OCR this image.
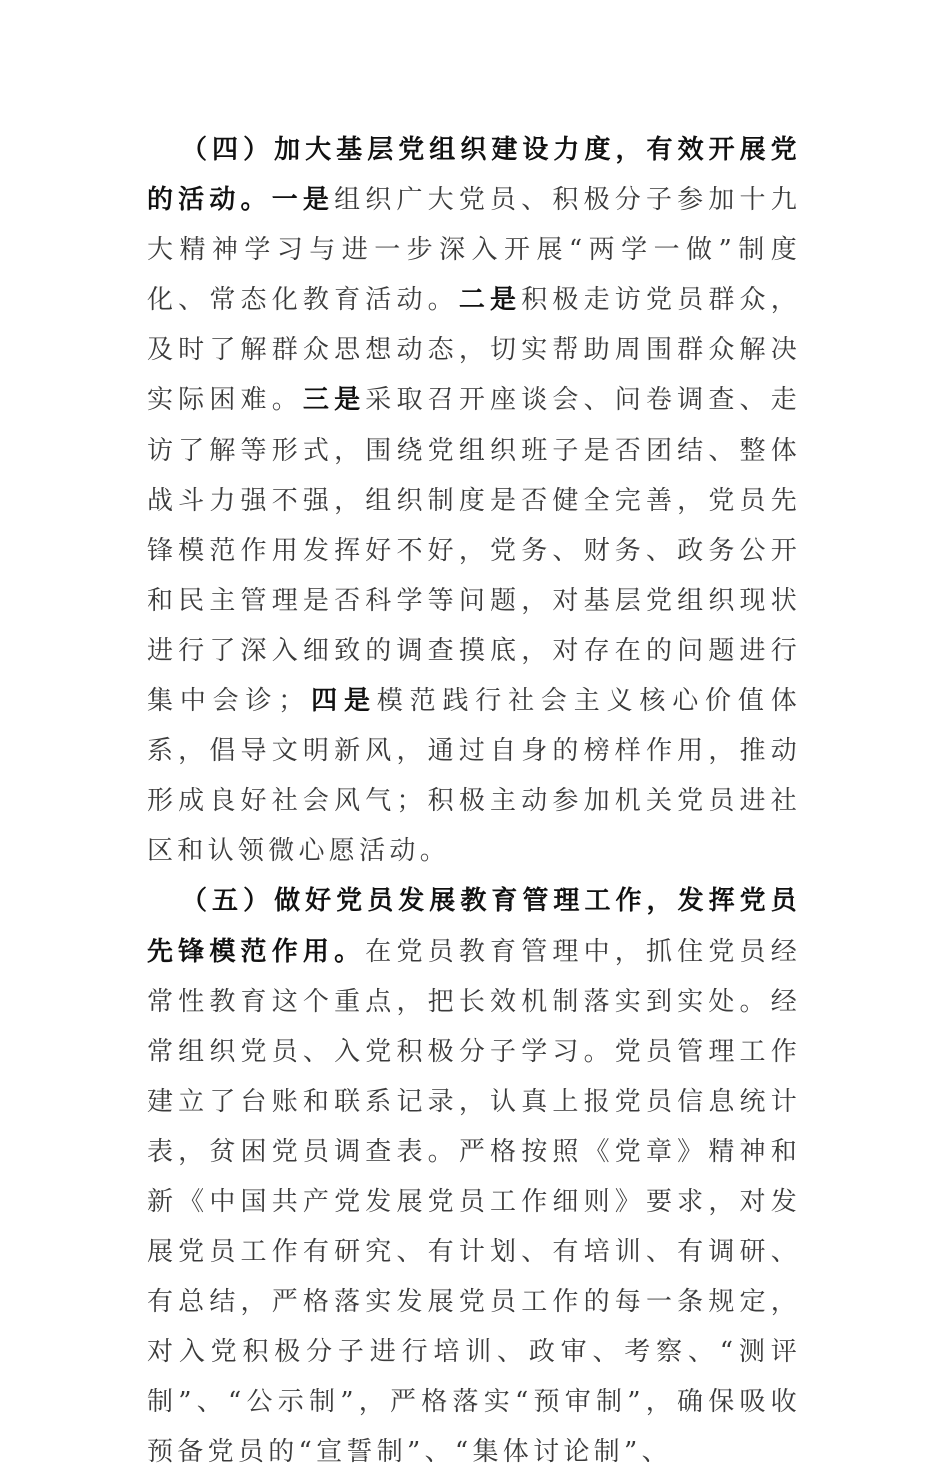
（四）加大基层党组织建设力度，有效开展党的活动。一是组织广大党员、积极分子参加十九大精神学习与进一步深入开展“两学一做”制度化、常态化教育活动。二是积极走访党员群众，及时了解群众思想动态，切实帮助周围群众解决实际困难。三是采取召开座谈会、问卷调查、走访了解等形式，围绕党组织班子是否团结、整体战斗力强不强，组织制度是否健全完善，党员先锋模范作用发挥好不好，党务、财务、政务公开和民主管理是否科学等问题，对基层党组织现状进行了深入细致的调查摸底，对存在的问题进行集中会诊；四是模范践行社会主义核心价值体系，倡导文明新风，通过自身的榜样作用，推动形成良好社会风气；积极主动参加机关党员进社区和认领微心愿活动。

（五）做好党员发展教育管理工作，发挥党员先锋模范作用。在党员教育管理中，抓住党员经常性教育这个重点，把长效机制落实到实处。经常组织党员、入党积极分子学习。党员管理工作建立了台账和联系记录，认真上报党员信息统计表，贫困党员调查表。严格按照《党章》精神和新《中国共产党发展党员工作细则》要求，对发展党员工作有研究、有计划、有培训、有调研、有总结，严格落实发展党员工作的每一条规定，对入党积极分子进行培训、政审、考察、“测评制”、“公示制”，严格落实“预审制”，确保吸收预备党员的“宣誓制”、“集体讨论制”、
